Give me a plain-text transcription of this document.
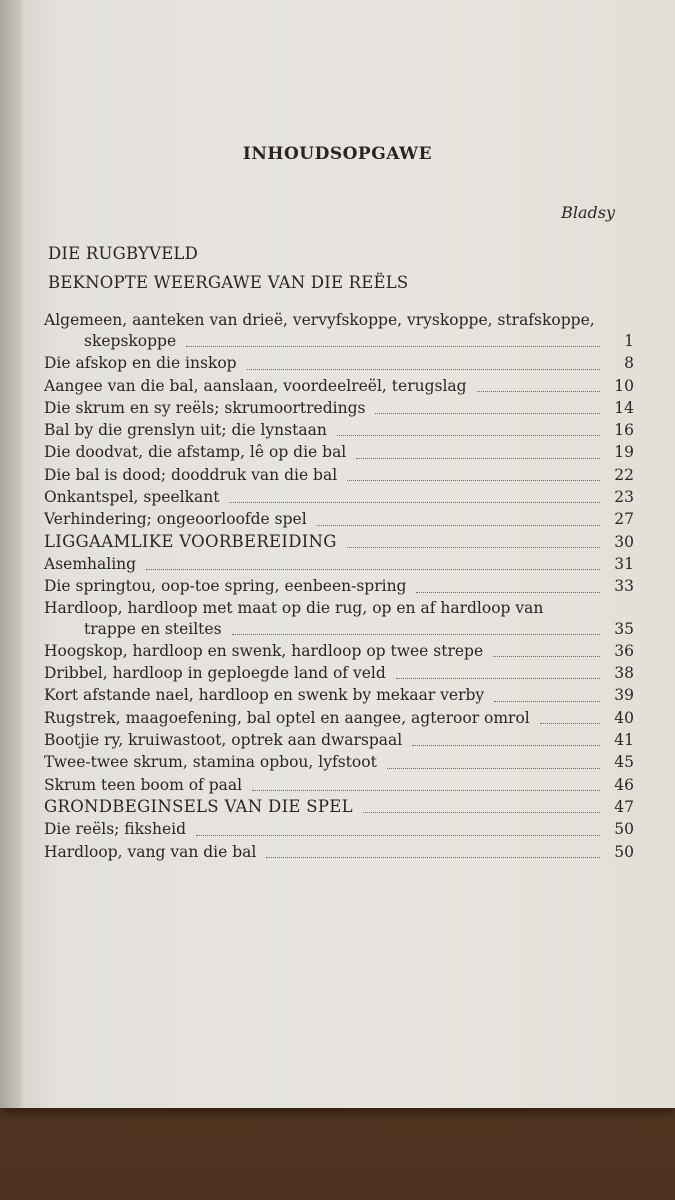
INHOUDSOPGAWE
Bladsy
DIE RUGBYVELD
BEKNOPTE WEERGAWE VAN DIE REËLS
Algemeen, aanteken van drieë, vervyfskoppe, vryskoppe, strafskoppe,
skepskoppe	1
Die afskop en die inskop	8
Aangee van die bal, aanslaan, voordeelreël, terugslag	10
Die skrum en sy reëls; skrumoortredings	14
Bal by die grenslyn uit; die lynstaan	16
Die doodvat, die afstamp, lê op die bal	19
Die bal is dood; dooddruk van die bal	22
Onkantspel, speelkant	23
Verhindering; ongeoorloofde spel	27
LIGGAAMLIKE VOORBEREIDING	30
Asemhaling	31
Die springtou, oop-toe spring, eenbeen-spring	33
Hardloop, hardloop met maat op die rug, op en af hardloop van
trappe en steiltes	35
Hoogskop, hardloop en swenk, hardloop op twee strepe	36
Dribbel, hardloop in geploegde land of veld	38
Kort afstande nael, hardloop en swenk by mekaar verby	39
Rugstrek, maagoefening, bal optel en aangee, agteroor omrol	40
Bootjie ry, kruiwastoot, optrek aan dwarspaal	41
Twee-twee skrum, stamina opbou, lyfstoot	45
Skrum teen boom of paal	46
GRONDBEGINSELS VAN DIE SPEL	47
Die reëls; fiksheid	50
Hardloop, vang van die bal	50
